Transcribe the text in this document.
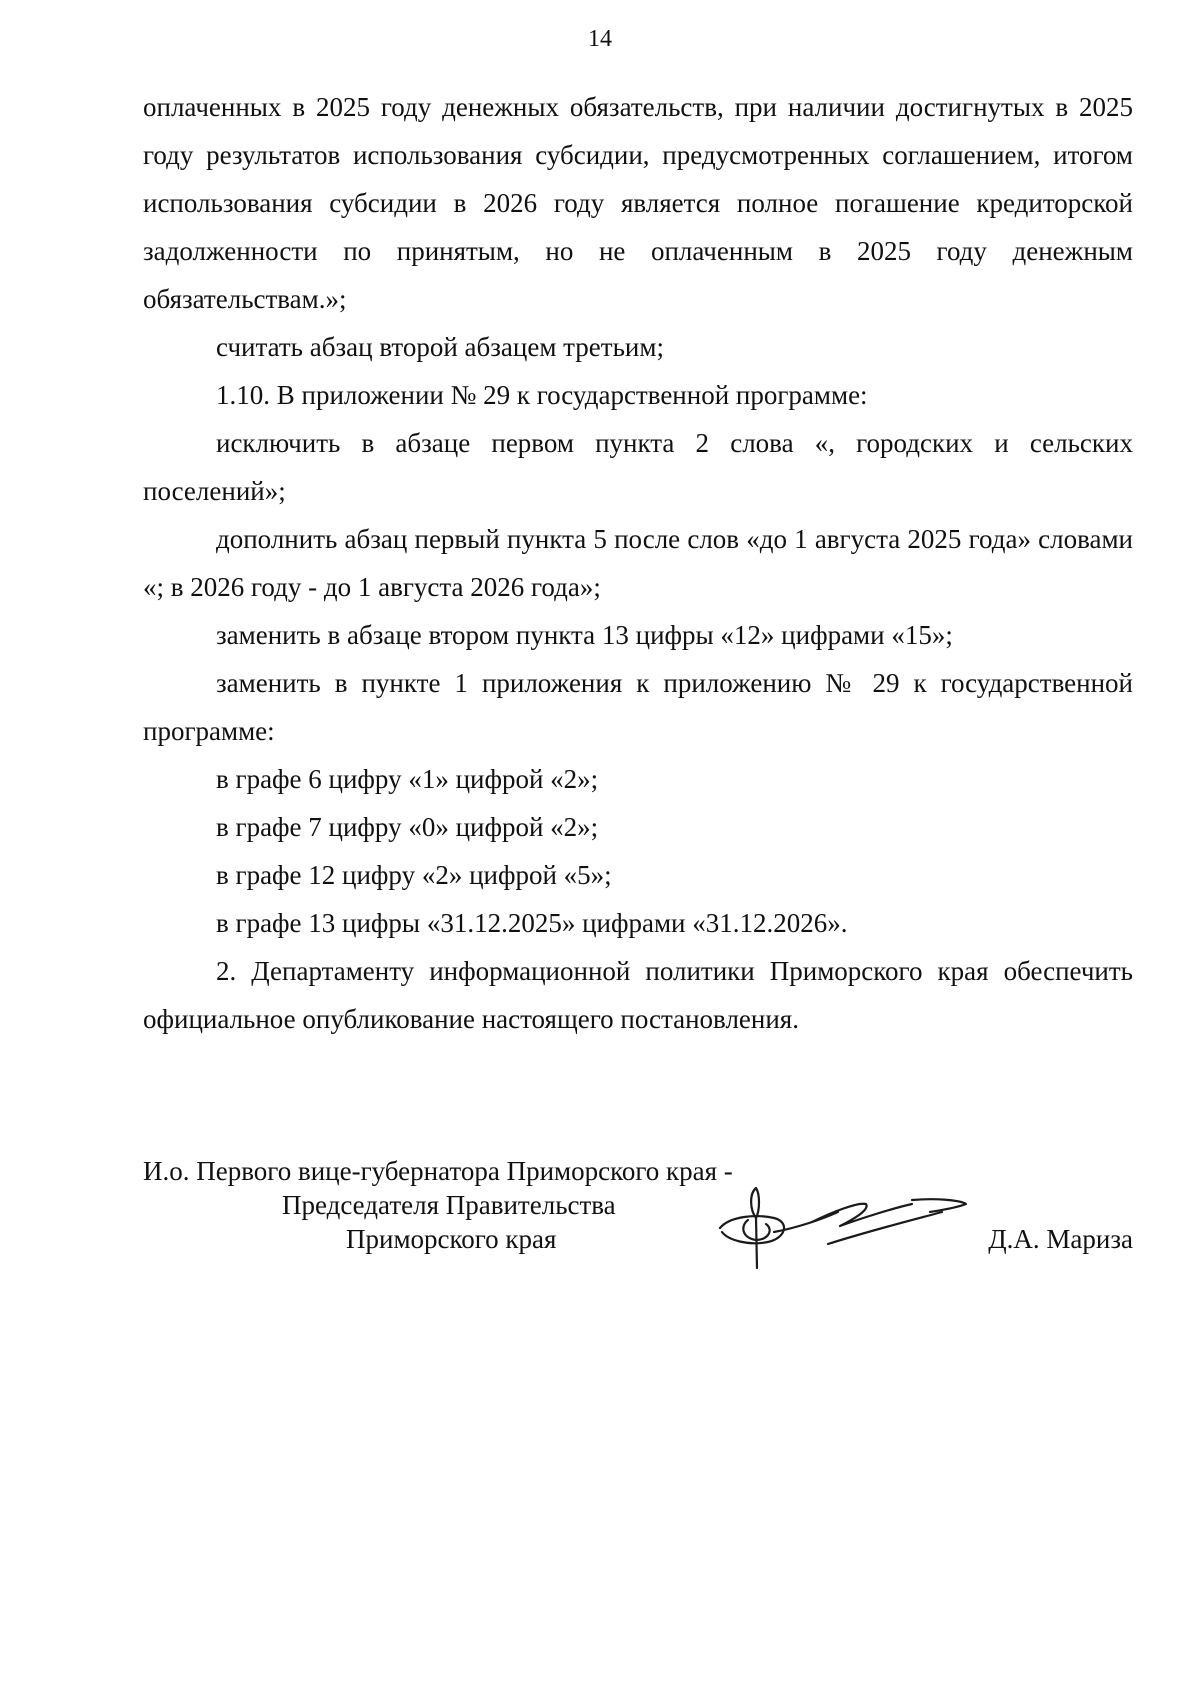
14

оплаченных в 2025 году денежных обязательств, при наличии достигнутых в 2025 году результатов использования субсидии, предусмотренных соглашением, итогом использования субсидии в 2026 году является полное погашение кредиторской задолженности по принятым, но не оплаченным в 2025 году денежным обязательствам.»;

считать абзац второй абзацем третьим;

1.10. В приложении № 29 к государственной программе:

исключить в абзаце первом пункта 2 слова «, городских и сельских поселений»;

дополнить абзац первый пункта 5 после слов «до 1 августа 2025 года» словами «; в 2026 году - до 1 августа 2026 года»;

заменить в абзаце втором пункта 13 цифры «12» цифрами «15»;

заменить в пункте 1 приложения к приложению № 29 к государственной программе:

в графе 6 цифру «1» цифрой «2»;

в графе 7 цифру «0» цифрой «2»;

в графе 12 цифру «2» цифрой «5»;

в графе 13 цифры «31.12.2025» цифрами «31.12.2026».

2. Департаменту информационной политики Приморского края обеспечить официальное опубликование настоящего постановления.

И.о. Первого вице-губернатора Приморского края -
Председателя Правительства
Приморского края	Д.А. Мариза
